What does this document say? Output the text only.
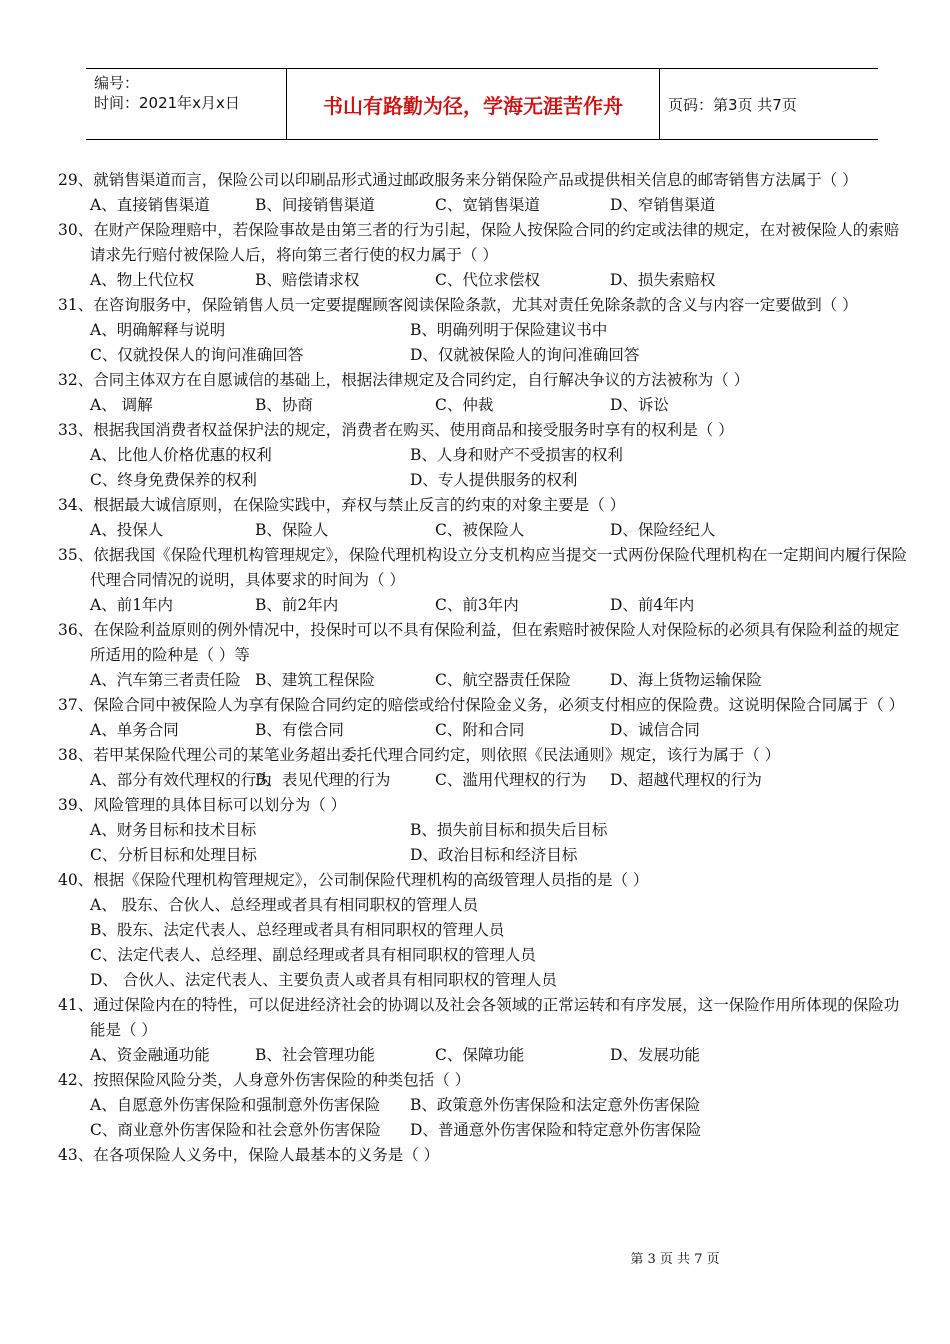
编号：
时间：2021年x月x日	书山有路勤为径，学海无涯苦作舟	页码：第3页 共7页
29、就销售渠道而言，保险公司以印刷品形式通过邮政服务来分销保险产品或提供相关信息的邮寄销售方法属于（ ）
A、直接销售渠道	B、间接销售渠道	C、宽销售渠道	D、窄销售渠道
30、在财产保险理赔中，若保险事故是由第三者的行为引起，保险人按保险合同的约定或法律的规定，在对被保险人的索赔请求先行赔付被保险人后，将向第三者行使的权力属于（ ）
A、物上代位权	B、赔偿请求权	C、代位求偿权	D、损失索赔权
31、在咨询服务中，保险销售人员一定要提醒顾客阅读保险条款，尤其对责任免除条款的含义与内容一定要做到（ ）
A、明确解释与说明	B、明确列明于保险建议书中
C、仅就投保人的询问准确回答	D、仅就被保险人的询问准确回答
32、合同主体双方在自愿诚信的基础上，根据法律规定及合同约定，自行解决争议的方法被称为（ ）
A、 调解	B、协商	C、仲裁	D、诉讼
33、根据我国消费者权益保护法的规定，消费者在购买、使用商品和接受服务时享有的权利是（ ）
A、比他人价格优惠的权利	B、人身和财产不受损害的权利
C、终身免费保养的权利	D、专人提供服务的权利
34、根据最大诚信原则，在保险实践中，弃权与禁止反言的约束的对象主要是（ ）
A、投保人	B、保险人	C、被保险人	D、保险经纪人
35、依据我国《保险代理机构管理规定》，保险代理机构设立分支机构应当提交一式两份保险代理机构在一定期间内履行保险代理合同情况的说明，具体要求的时间为（ ）
A、前1年内	B、前2年内	C、前3年内	D、前4年内
36、在保险利益原则的例外情况中，投保时可以不具有保险利益，但在索赔时被保险人对保险标的必须具有保险利益的规定所适用的险种是（ ）等
A、汽车第三者责任险 B、建筑工程保险	C、航空器责任保险	D、海上货物运输保险
37、保险合同中被保险人为享有保险合同约定的赔偿或给付保险金义务，必须支付相应的保险费。这说明保险合同属于（ ）
A、单务合同	B、有偿合同	C、附和合同	D、诚信合同
38、若甲某保险代理公司的某笔业务超出委托代理合同约定，则依照《民法通则》规定，该行为属于（ ）
A、部分有效代理权的行为
B、表见代理的行为	C、滥用代理权的行为	D、超越代理权的行为
39、风险管理的具体目标可以划分为（ ）
A、财务目标和技术目标	B、损失前目标和损失后目标
C、分析目标和处理目标	D、政治目标和经济目标
40、根据《保险代理机构管理规定》，公司制保险代理机构的高级管理人员指的是（ ）
A、 股东、合伙人、总经理或者具有相同职权的管理人员
B、股东、法定代表人、总经理或者具有相同职权的管理人员
C、法定代表人、总经理、副总经理或者具有相同职权的管理人员
D、 合伙人、法定代表人、主要负责人或者具有相同职权的管理人员
41、通过保险内在的特性，可以促进经济社会的协调以及社会各领域的正常运转和有序发展，这一保险作用所体现的保险功能是（ ）
A、资金融通功能	B、社会管理功能	C、保障功能	D、发展功能
42、按照保险风险分类，人身意外伤害保险的种类包括（ ）
A、自愿意外伤害保险和强制意外伤害保险	B、政策意外伤害保险和法定意外伤害保险
C、商业意外伤害保险和社会意外伤害保险	D、普通意外伤害保险和特定意外伤害保险
43、在各项保险人义务中，保险人最基本的义务是（ ）
第 3 页 共 7 页
